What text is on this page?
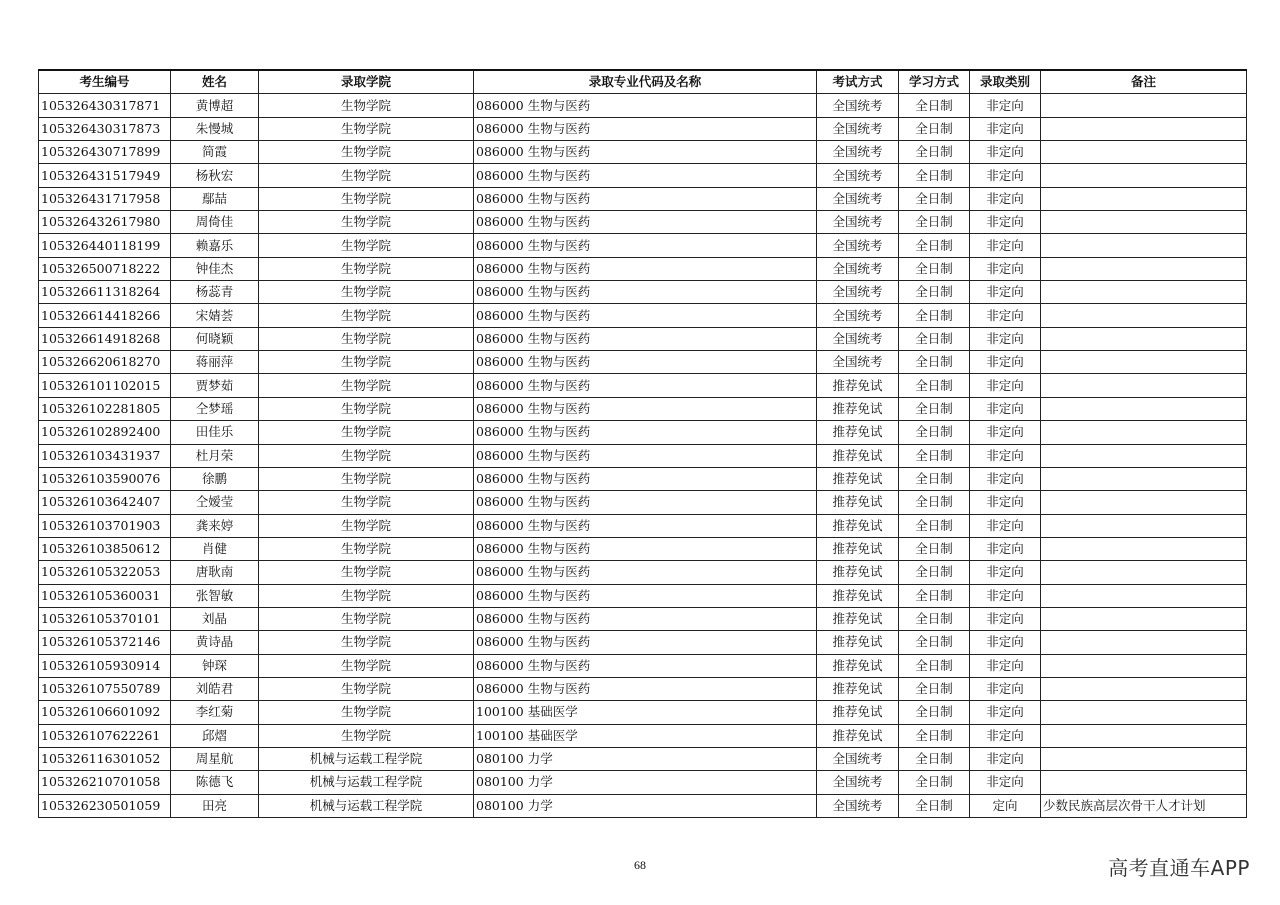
考生编号	姓名	录取学院	录取专业代码及名称	考试方式	学习方式	录取类别	备注
105326430317871	黄博超	生物学院	086000 生物与医药	全国统考	全日制	非定向	
105326430317873	朱慢城	生物学院	086000 生物与医药	全国统考	全日制	非定向	
105326430717899	简霞	生物学院	086000 生物与医药	全国统考	全日制	非定向	
105326431517949	杨秋宏	生物学院	086000 生物与医药	全国统考	全日制	非定向	
105326431717958	鄢喆	生物学院	086000 生物与医药	全国统考	全日制	非定向	
105326432617980	周倚佳	生物学院	086000 生物与医药	全国统考	全日制	非定向	
105326440118199	赖嘉乐	生物学院	086000 生物与医药	全国统考	全日制	非定向	
105326500718222	钟佳杰	生物学院	086000 生物与医药	全国统考	全日制	非定向	
105326611318264	杨蕊青	生物学院	086000 生物与医药	全国统考	全日制	非定向	
105326614418266	宋婧荟	生物学院	086000 生物与医药	全国统考	全日制	非定向	
105326614918268	何晓颖	生物学院	086000 生物与医药	全国统考	全日制	非定向	
105326620618270	蒋丽萍	生物学院	086000 生物与医药	全国统考	全日制	非定向	
105326101102015	贾梦茹	生物学院	086000 生物与医药	推荐免试	全日制	非定向	
105326102281805	仝梦瑶	生物学院	086000 生物与医药	推荐免试	全日制	非定向	
105326102892400	田佳乐	生物学院	086000 生物与医药	推荐免试	全日制	非定向	
105326103431937	杜月荣	生物学院	086000 生物与医药	推荐免试	全日制	非定向	
105326103590076	徐鹏	生物学院	086000 生物与医药	推荐免试	全日制	非定向	
105326103642407	仝嫒莹	生物学院	086000 生物与医药	推荐免试	全日制	非定向	
105326103701903	龚来婷	生物学院	086000 生物与医药	推荐免试	全日制	非定向	
105326103850612	肖健	生物学院	086000 生物与医药	推荐免试	全日制	非定向	
105326105322053	唐耿南	生物学院	086000 生物与医药	推荐免试	全日制	非定向	
105326105360031	张智敏	生物学院	086000 生物与医药	推荐免试	全日制	非定向	
105326105370101	刘晶	生物学院	086000 生物与医药	推荐免试	全日制	非定向	
105326105372146	黄诗晶	生物学院	086000 生物与医药	推荐免试	全日制	非定向	
105326105930914	钟琛	生物学院	086000 生物与医药	推荐免试	全日制	非定向	
105326107550789	刘皓君	生物学院	086000 生物与医药	推荐免试	全日制	非定向	
105326106601092	李红菊	生物学院	100100 基础医学	推荐免试	全日制	非定向	
105326107622261	邱熠	生物学院	100100 基础医学	推荐免试	全日制	非定向	
105326116301052	周星航	机械与运载工程学院	080100 力学	全国统考	全日制	非定向	
105326210701058	陈德飞	机械与运载工程学院	080100 力学	全国统考	全日制	非定向	
105326230501059	田亮	机械与运载工程学院	080100 力学	全国统考	全日制	定向	少数民族高层次骨干人才计划
68	高考直通车APP
